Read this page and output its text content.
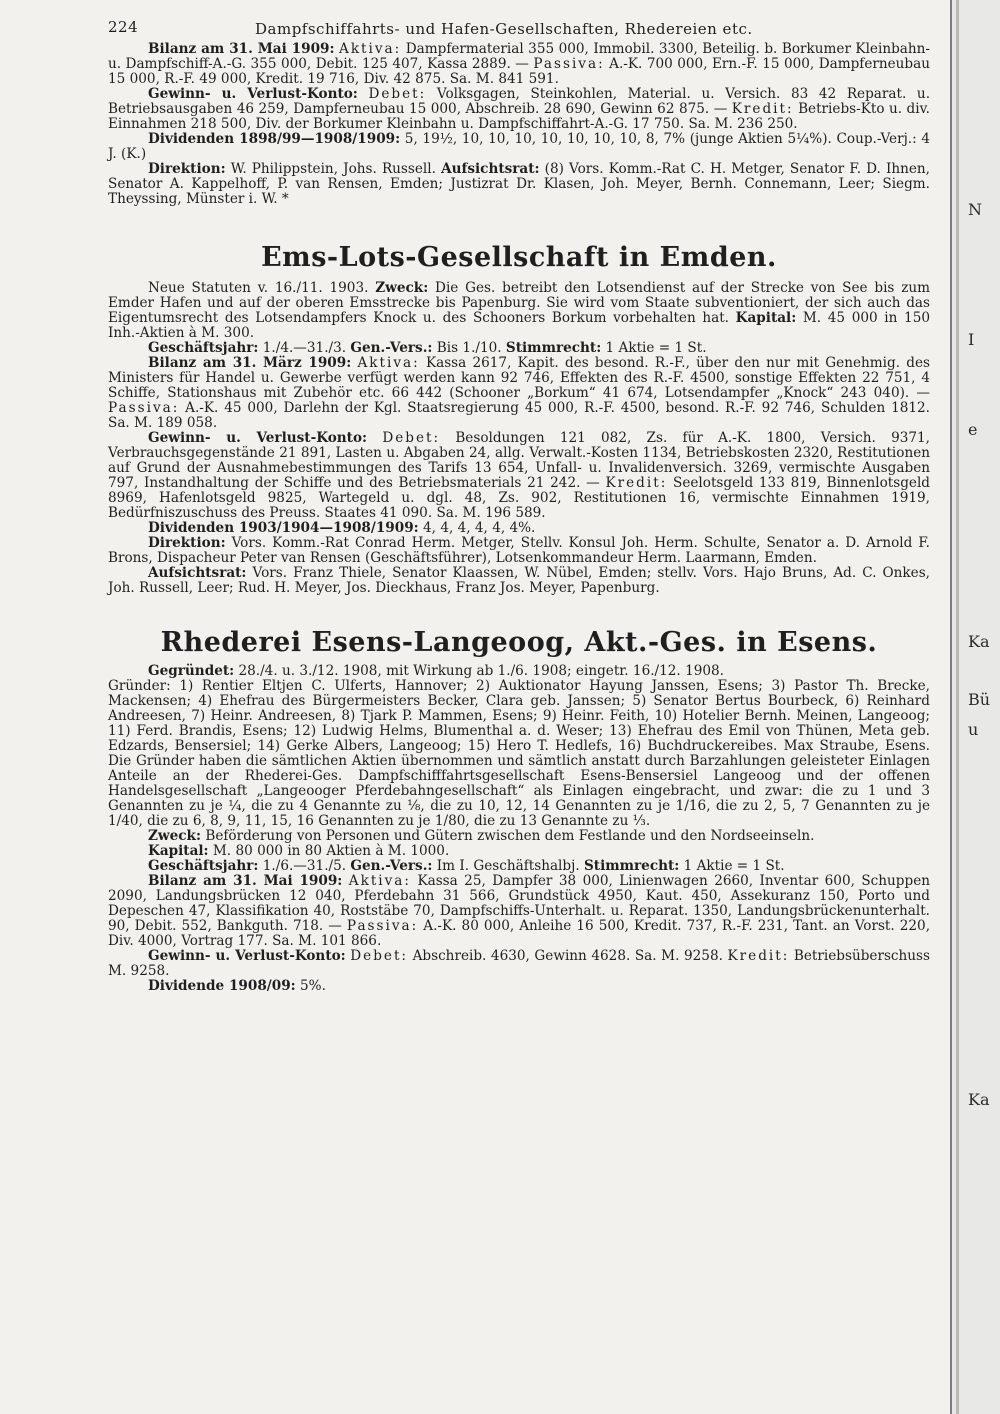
224	Dampfschiffahrts- und Hafen-Gesellschaften, Rhedereien etc.

Bilanz am 31. Mai 1909: Aktiva: Dampfermaterial 355 000, Immobil. 3300, Beteilig. b. Borkumer Kleinbahn- u. Dampfschiff-A.-G. 355 000, Debit. 125 407, Kassa 2889. — Passiva: A.-K. 700 000, Ern.-F. 15 000, Dampferneubau 15 000, R.-F. 49 000, Kredit. 19 716, Div. 42 875. Sa. M. 841 591.

Gewinn- u. Verlust-Konto: Debet: Volksgagen, Steinkohlen, Material. u. Versich. 83 42 Reparat. u. Betriebsausgaben 46 259, Dampferneubau 15 000, Abschreib. 28 690, Gewinn 62 875. — Kredit: Betriebs-Kto u. div. Einnahmen 218 500, Div. der Borkumer Kleinbahn u. Dampfschiffahrt-A.-G. 17 750. Sa. M. 236 250.

Dividenden 1898/99—1908/1909: 5, 19½, 10, 10, 10, 10, 10, 10, 10, 8, 7% (junge Aktien 5¼%). Coup.-Verj.: 4 J. (K.)

Direktion: W. Philippstein, Johs. Russell. Aufsichtsrat: (8) Vors. Komm.-Rat C. H. Metger, Senator F. D. Ihnen, Senator A. Kappelhoff, P. van Rensen, Emden; Justizrat Dr. Klasen, Joh. Meyer, Bernh. Connemann, Leer; Siegm. Theyssing, Münster i. W. *

Ems-Lots-Gesellschaft in Emden.

Neue Statuten v. 16./11. 1903. Zweck: Die Ges. betreibt den Lotsendienst auf der Strecke von See bis zum Emder Hafen und auf der oberen Emsstrecke bis Papenburg. Sie wird vom Staate subventioniert, der sich auch das Eigentumsrecht des Lotsendampfers Knock u. des Schooners Borkum vorbehalten hat. Kapital: M. 45 000 in 150 Inh.-Aktien à M. 300.

Geschäftsjahr: 1./4.—31./3. Gen.-Vers.: Bis 1./10. Stimmrecht: 1 Aktie = 1 St.

Bilanz am 31. März 1909: Aktiva: Kassa 2617, Kapit. des besond. R.-F., über den nur mit Genehmig. des Ministers für Handel u. Gewerbe verfügt werden kann 92 746, Effekten des R.-F. 4500, sonstige Effekten 22 751, 4 Schiffe, Stationshaus mit Zubehör etc. 66 442 (Schooner „Borkum“ 41 674, Lotsendampfer „Knock“ 243 040). — Passiva: A.-K. 45 000, Darlehn der Kgl. Staatsregierung 45 000, R.-F. 4500, besond. R.-F. 92 746, Schulden 1812. Sa. M. 189 058.

Gewinn- u. Verlust-Konto: Debet: Besoldungen 121 082, Zs. für A.-K. 1800, Versich. 9371, Verbrauchsgegenstände 21 891, Lasten u. Abgaben 24, allg. Verwalt.-Kosten 1134, Betriebskosten 2320, Restitutionen auf Grund der Ausnahmebestimmungen des Tarifs 13 654, Unfall- u. Invalidenversich. 3269, vermischte Ausgaben 797, Instandhaltung der Schiffe und des Betriebsmaterials 21 242. — Kredit: Seelotsgeld 133 819, Binnenlotsgeld 8969, Hafenlotsgeld 9825, Wartegeld u. dgl. 48, Zs. 902, Restitutionen 16, vermischte Einnahmen 1919, Bedürfniszuschuss des Preuss. Staates 41 090. Sa. M. 196 589.

Dividenden 1903/1904—1908/1909: 4, 4, 4, 4, 4, 4%.

Direktion: Vors. Komm.-Rat Conrad Herm. Metger, Stellv. Konsul Joh. Herm. Schulte, Senator a. D. Arnold F. Brons, Dispacheur Peter van Rensen (Geschäftsführer), Lotsenkommandeur Herm. Laarmann, Emden.

Aufsichtsrat: Vors. Franz Thiele, Senator Klaassen, W. Nübel, Emden; stellv. Vors. Hajo Bruns, Ad. C. Onkes, Joh. Russell, Leer; Rud. H. Meyer, Jos. Dieckhaus, Franz Jos. Meyer, Papenburg.

Rhederei Esens-Langeoog, Akt.-Ges. in Esens.

Gegründet: 28./4. u. 3./12. 1908, mit Wirkung ab 1./6. 1908; eingetr. 16./12. 1908.

Gründer: 1) Rentier Eltjen C. Ulferts, Hannover; 2) Auktionator Hayung Janssen, Esens; 3) Pastor Th. Brecke, Mackensen; 4) Ehefrau des Bürgermeisters Becker, Clara geb. Janssen; 5) Senator Bertus Bourbeck, 6) Reinhard Andreesen, 7) Heinr. Andreesen, 8) Tjark P. Mammen, Esens; 9) Heinr. Feith, 10) Hotelier Bernh. Meinen, Langeoog; 11) Ferd. Brandis, Esens; 12) Ludwig Helms, Blumenthal a. d. Weser; 13) Ehefrau des Emil von Thünen, Meta geb. Edzards, Bensersiel; 14) Gerke Albers, Langeoog; 15) Hero T. Hedlefs, 16) Buchdruckereibes. Max Straube, Esens. Die Gründer haben die sämtlichen Aktien übernommen und sämtlich anstatt durch Barzahlungen geleisteter Einlagen Anteile an der Rhederei-Ges. Dampfschifffahrtsgesellschaft Esens-Bensersiel Langeoog und der offenen Handelsgesellschaft „Langeooger Pferdebahngesellschaft“ als Einlagen eingebracht, und zwar: die zu 1 und 3 Genannten zu je ¼, die zu 4 Genannte zu ⅛, die zu 10, 12, 14 Genannten zu je 1/16, die zu 2, 5, 7 Genannten zu je 1/40, die zu 6, 8, 9, 11, 15, 16 Genannten zu je 1/80, die zu 13 Genannte zu ⅓.

Zweck: Beförderung von Personen und Gütern zwischen dem Festlande und den Nordseeinseln.

Kapital: M. 80 000 in 80 Aktien à M. 1000.

Geschäftsjahr: 1./6.—31./5. Gen.-Vers.: Im I. Geschäftshalbj. Stimmrecht: 1 Aktie = 1 St.

Bilanz am 31. Mai 1909: Aktiva: Kassa 25, Dampfer 38 000, Linienwagen 2660, Inventar 600, Schuppen 2090, Landungsbrücken 12 040, Pferdebahn 31 566, Grundstück 4950, Kaut. 450, Assekuranz 150, Porto und Depeschen 47, Klassifikation 40, Roststäbe 70, Dampfschiffs-Unterhalt. u. Reparat. 1350, Landungsbrückenunterhalt. 90, Debit. 552, Bankguth. 718. — Passiva: A.-K. 80 000, Anleihe 16 500, Kredit. 737, R.-F. 231, Tant. an Vorst. 220, Div. 4000, Vortrag 177. Sa. M. 101 866.

Gewinn- u. Verlust-Konto: Debet: Abschreib. 4630, Gewinn 4628. Sa. M. 9258. Kredit: Betriebsüberschuss M. 9258.

Dividende 1908/09: 5%.

N
I
e
Ka
Bü
u
Ka
